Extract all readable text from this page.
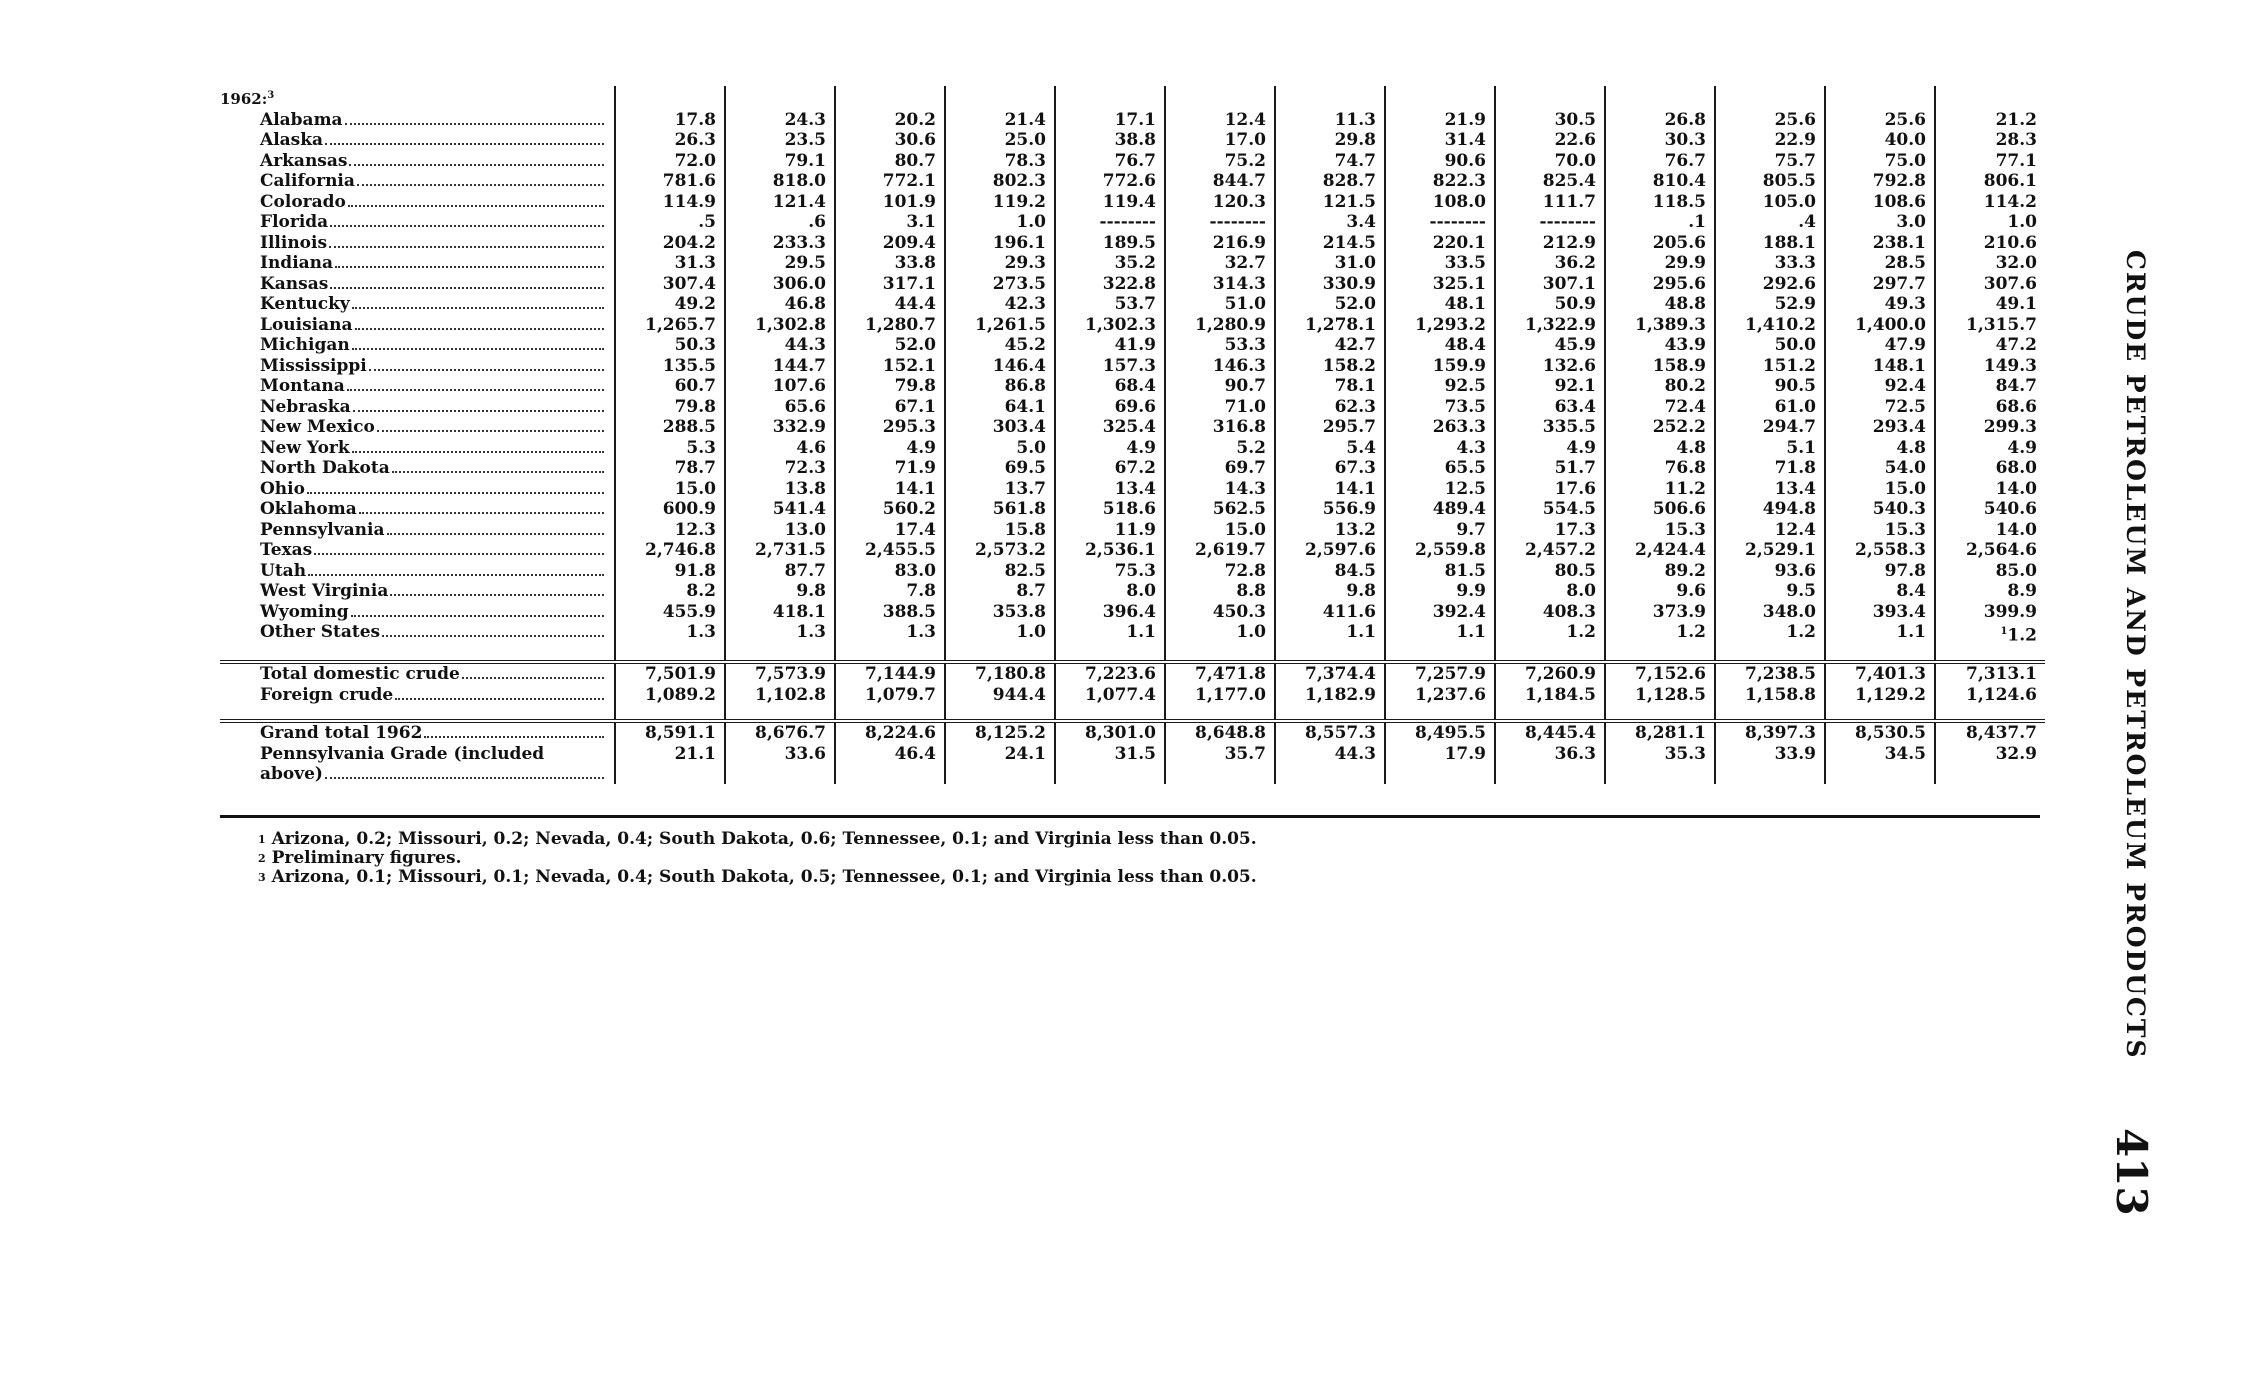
1962:$^3$													

Alabama	17.8	24.3	20.2	21.4	17.1	12.4	11.3	21.9	30.5	26.8	25.6	25.6	21.2

Alaska	26.3	23.5	30.6	25.0	38.8	17.0	29.8	31.4	22.6	30.3	22.9	40.0	28.3

Arkansas	72.0	79.1	80.7	78.3	76.7	75.2	74.7	90.6	70.0	76.7	75.7	75.0	77.1

California	781.6	818.0	772.1	802.3	772.6	844.7	828.7	822.3	825.4	810.4	805.5	792.8	806.1

Colorado	114.9	121.4	101.9	119.2	119.4	120.3	121.5	108.0	111.7	118.5	105.0	108.6	114.2

Florida	.5	.6	3.1	1.0	--------	--------	3.4	--------	--------	.1	.4	3.0	1.0

Illinois	204.2	233.3	209.4	196.1	189.5	216.9	214.5	220.1	212.9	205.6	188.1	238.1	210.6

Indiana	31.3	29.5	33.8	29.3	35.2	32.7	31.0	33.5	36.2	29.9	33.3	28.5	32.0

Kansas	307.4	306.0	317.1	273.5	322.8	314.3	330.9	325.1	307.1	295.6	292.6	297.7	307.6

Kentucky	49.2	46.8	44.4	42.3	53.7	51.0	52.0	48.1	50.9	48.8	52.9	49.3	49.1

Louisiana	1,265.7	1,302.8	1,280.7	1,261.5	1,302.3	1,280.9	1,278.1	1,293.2	1,322.9	1,389.3	1,410.2	1,400.0	1,315.7

Michigan	50.3	44.3	52.0	45.2	41.9	53.3	42.7	48.4	45.9	43.9	50.0	47.9	47.2

Mississippi	135.5	144.7	152.1	146.4	157.3	146.3	158.2	159.9	132.6	158.9	151.2	148.1	149.3

Montana	60.7	107.6	79.8	86.8	68.4	90.7	78.1	92.5	92.1	80.2	90.5	92.4	84.7

Nebraska	79.8	65.6	67.1	64.1	69.6	71.0	62.3	73.5	63.4	72.4	61.0	72.5	68.6

New Mexico	288.5	332.9	295.3	303.4	325.4	316.8	295.7	263.3	335.5	252.2	294.7	293.4	299.3

New York	5.3	4.6	4.9	5.0	4.9	5.2	5.4	4.3	4.9	4.8	5.1	4.8	4.9

North Dakota	78.7	72.3	71.9	69.5	67.2	69.7	67.3	65.5	51.7	76.8	71.8	54.0	68.0

Ohio	15.0	13.8	14.1	13.7	13.4	14.3	14.1	12.5	17.6	11.2	13.4	15.0	14.0

Oklahoma	600.9	541.4	560.2	561.8	518.6	562.5	556.9	489.4	554.5	506.6	494.8	540.3	540.6

Pennsylvania	12.3	13.0	17.4	15.8	11.9	15.0	13.2	9.7	17.3	15.3	12.4	15.3	14.0

Texas	2,746.8	2,731.5	2,455.5	2,573.2	2,536.1	2,619.7	2,597.6	2,559.8	2,457.2	2,424.4	2,529.1	2,558.3	2,564.6

Utah	91.8	87.7	83.0	82.5	75.3	72.8	84.5	81.5	80.5	89.2	93.6	97.8	85.0

West Virginia	8.2	9.8	7.8	8.7	8.0	8.8	9.8	9.9	8.0	9.6	9.5	8.4	8.9

Wyoming	455.9	418.1	388.5	353.8	396.4	450.3	411.6	392.4	408.3	373.9	348.0	393.4	399.9

Other States	1.3	1.3	1.3	1.0	1.1	1.0	1.1	1.1	1.2	1.2	1.2	1.1	$^1$1.2

Total domestic crude	7,501.9	7,573.9	7,144.9	7,180.8	7,223.6	7,471.8	7,374.4	7,257.9	7,260.9	7,152.6	7,238.5	7,401.3	7,313.1

Foreign crude	1,089.2	1,102.8	1,079.7	944.4	1,077.4	1,177.0	1,182.9	1,237.6	1,184.5	1,128.5	1,158.8	1,129.2	1,124.6

Grand total 1962	8,591.1	8,676.7	8,224.6	8,125.2	8,301.0	8,648.8	8,557.3	8,495.5	8,445.4	8,281.1	8,397.3	8,530.5	8,437.7

Pennsylvania Grade (included
above)	21.1	33.6	46.4	24.1	31.5	35.7	44.3	17.9	36.3	35.3	33.9	34.5	32.9
$^1$ Arizona, 0.2; Missouri, 0.2; Nevada, 0.4; South Dakota, 0.6; Tennessee, 0.1; and Virginia less than 0.05.
$^2$ Preliminary figures.
$^3$ Arizona, 0.1; Missouri, 0.1; Nevada, 0.4; South Dakota, 0.5; Tennessee, 0.1; and Virginia less than 0.05.	CRUDE PETROLEUM AND PETROLEUM PRODUCTS
413
